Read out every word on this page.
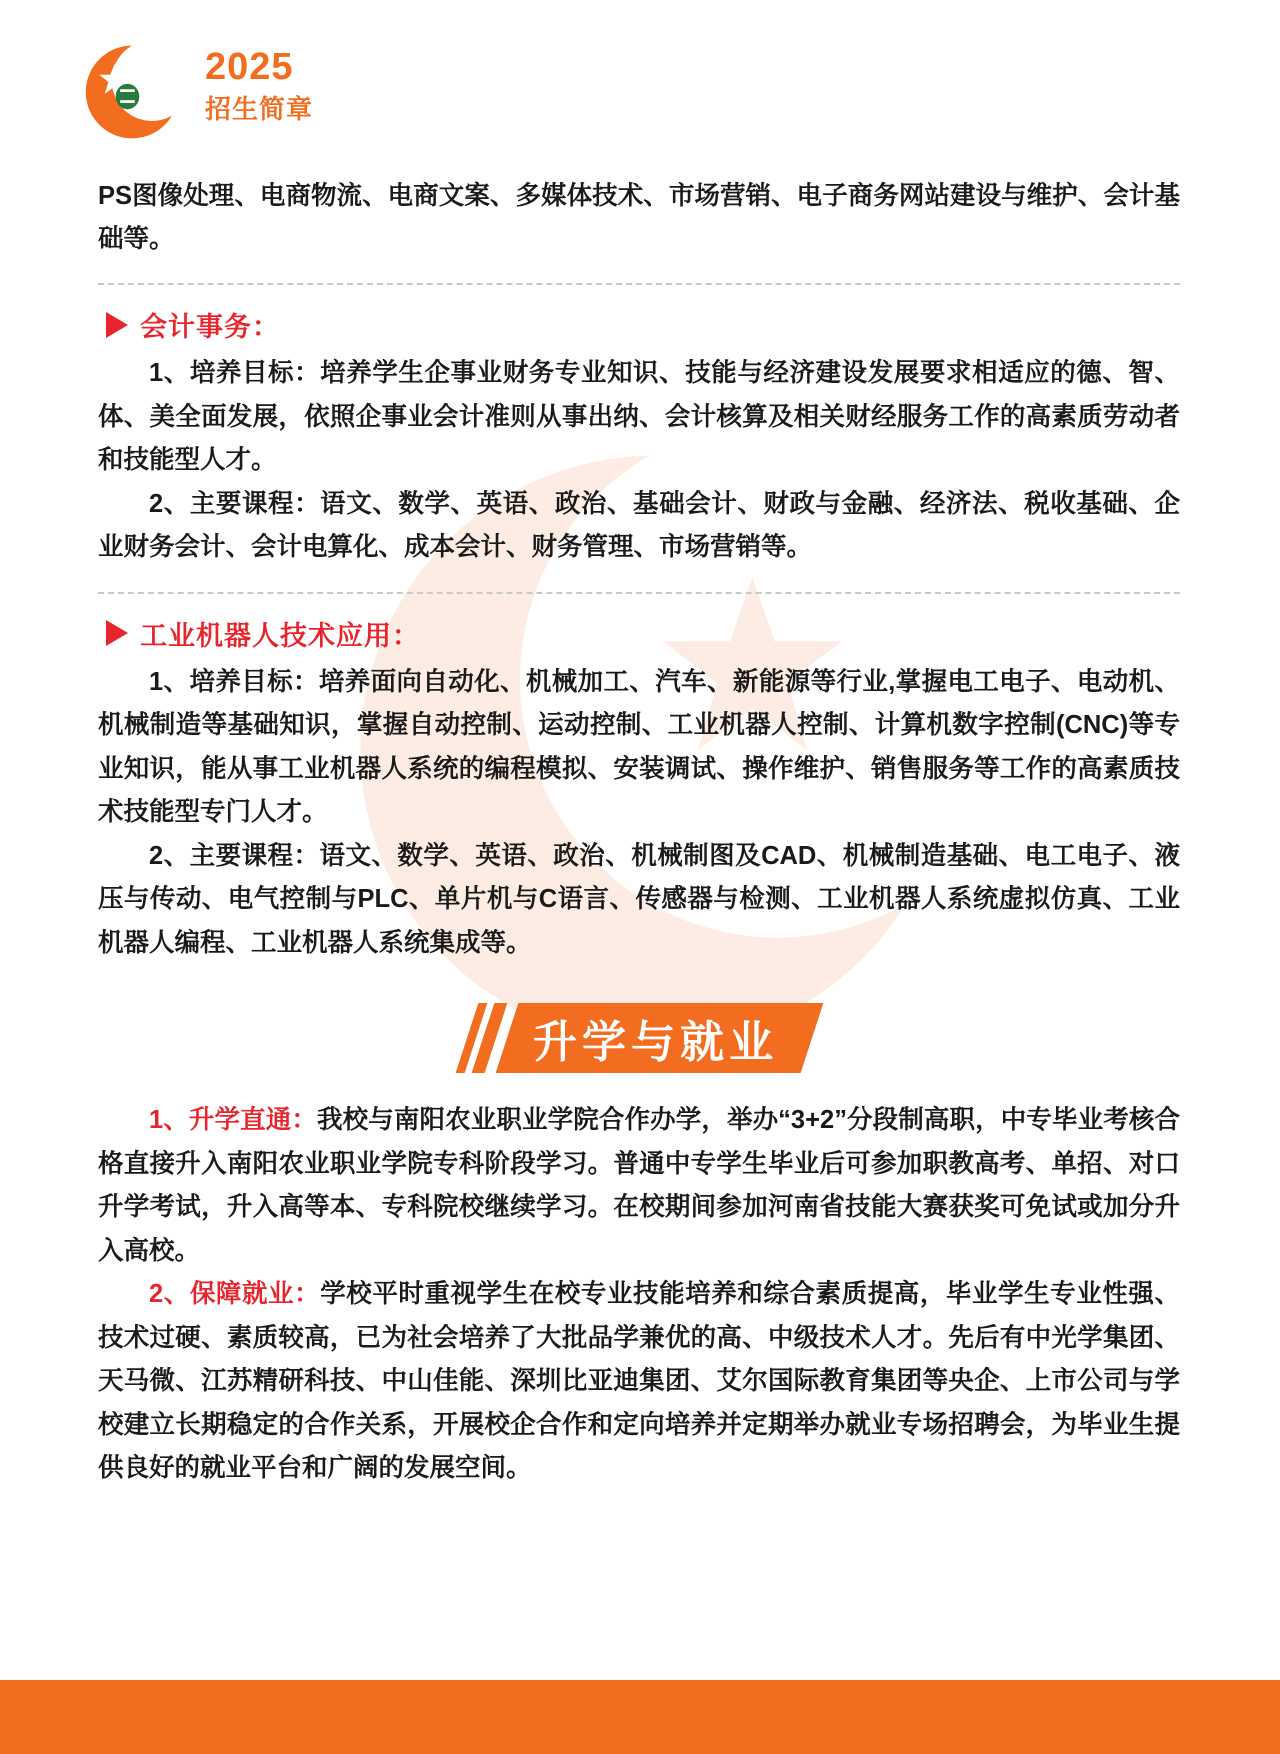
2025
招生简章
PS图像处理、电商物流、电商文案、多媒体技术、市场营销、电子商务网站建设与维护、会计基础等。
会计事务：
1、培养目标：培养学生企事业财务专业知识、技能与经济建设发展要求相适应的德、智、体、美全面发展，依照企事业会计准则从事出纳、会计核算及相关财经服务工作的高素质劳动者和技能型人才。
2、主要课程：语文、数学、英语、政治、基础会计、财政与金融、经济法、税收基础、企业财务会计、会计电算化、成本会计、财务管理、市场营销等。
工业机器人技术应用：
1、培养目标：培养面向自动化、机械加工、汽车、新能源等行业,掌握电工电子、电动机、机械制造等基础知识，掌握自动控制、运动控制、工业机器人控制、计算机数字控制(CNC)等专业知识，能从事工业机器人系统的编程模拟、安装调试、操作维护、销售服务等工作的高素质技术技能型专门人才。
2、主要课程：语文、数学、英语、政治、机械制图及CAD、机械制造基础、电工电子、液压与传动、电气控制与PLC、单片机与C语言、传感器与检测、工业机器人系统虚拟仿真、工业机器人编程、工业机器人系统集成等。
升学与就业
1、升学直通：我校与南阳农业职业学院合作办学，举办“3+2”分段制高职，中专毕业考核合格直接升入南阳农业职业学院专科阶段学习。普通中专学生毕业后可参加职教高考、单招、对口升学考试，升入高等本、专科院校继续学习。在校期间参加河南省技能大赛获奖可免试或加分升入高校。
2、保障就业：学校平时重视学生在校专业技能培养和综合素质提高，毕业学生专业性强、技术过硬、素质较高，已为社会培养了大批品学兼优的高、中级技术人才。先后有中光学集团、天马微、江苏精研科技、中山佳能、深圳比亚迪集团、艾尔国际教育集团等央企、上市公司与学校建立长期稳定的合作关系，开展校企合作和定向培养并定期举办就业专场招聘会，为毕业生提供良好的就业平台和广阔的发展空间。
